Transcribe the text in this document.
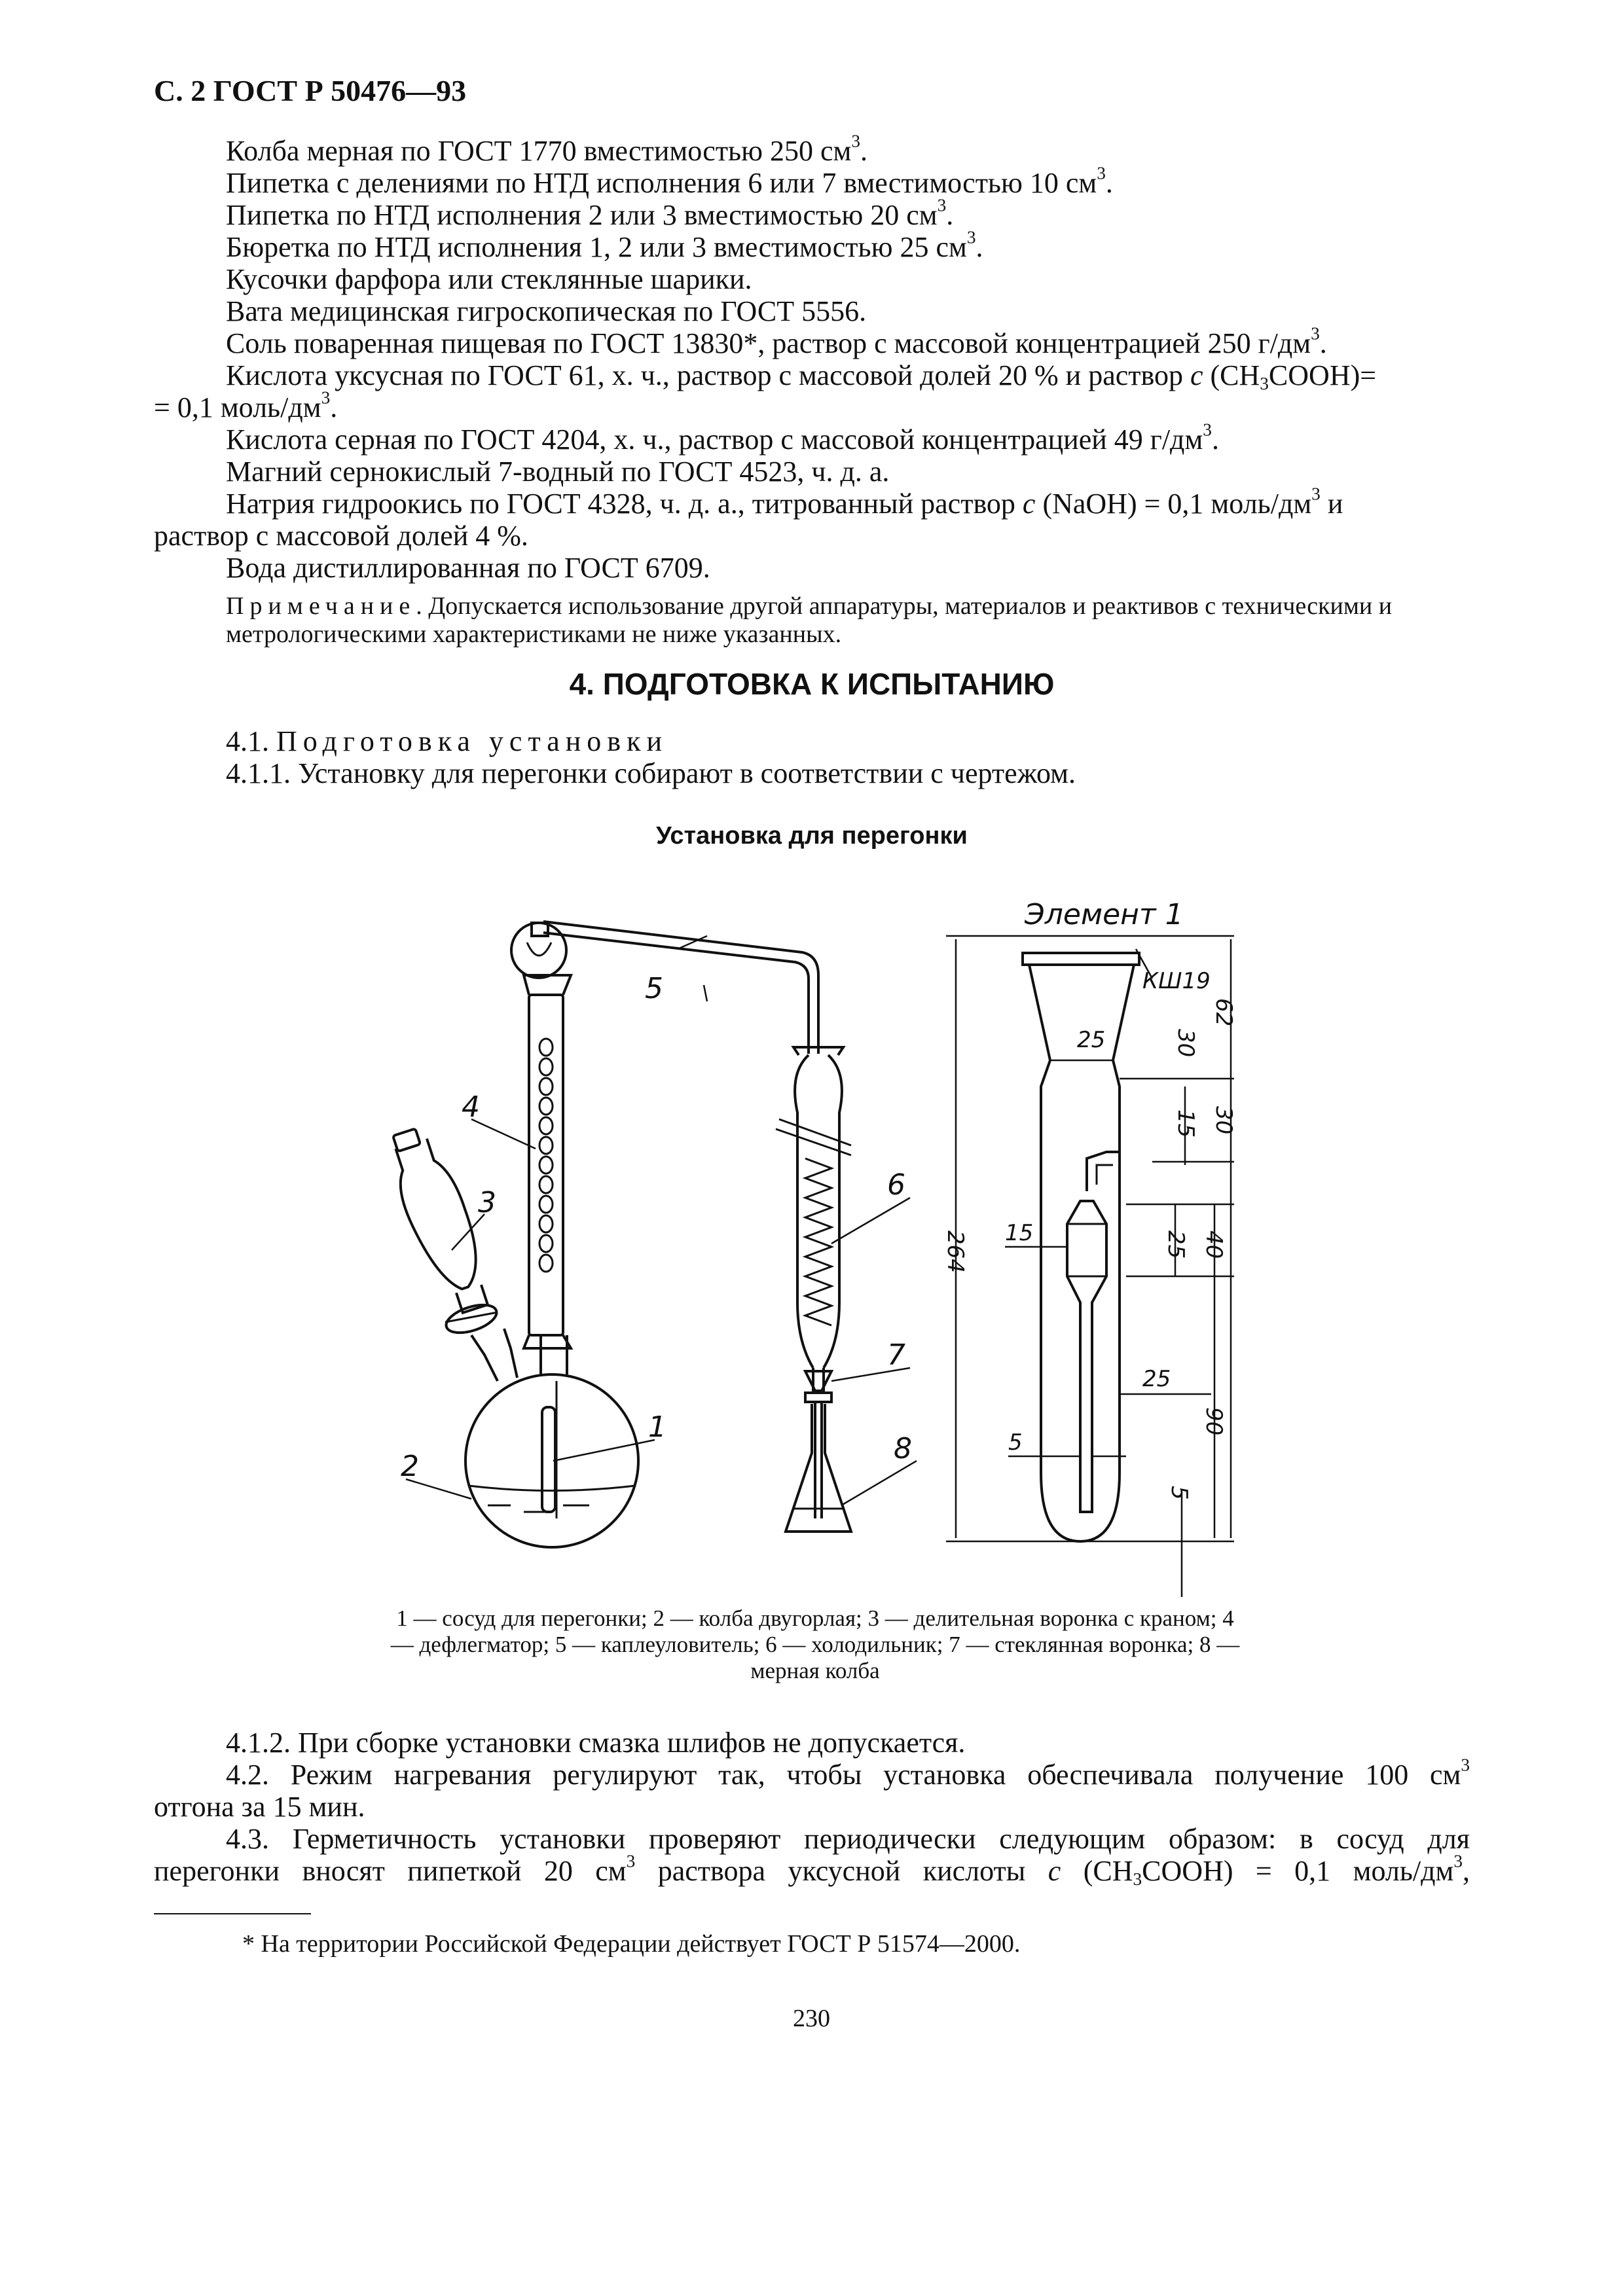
С. 2 ГОСТ Р 50476—93

Колба мерная по ГОСТ 1770 вместимостью 250 $см^3$.

Пипетка с делениями по НТД исполнения 6 или 7 вместимостью 10 $см^3$.

Пипетка по НТД исполнения 2 или 3 вместимостью 20 $см^3$.

Бюретка по НТД исполнения 1, 2 или 3 вместимостью 25 $см^3$.

Кусочки фарфора или стеклянные шарики.

Вата медицинская гигроскопическая по ГОСТ 5556.

Соль поваренная пищевая по ГОСТ 13830*, раствор с массовой концентрацией 250 $г/дм^3$.

Кислота уксусная по ГОСТ 61, х. ч., раствор с массовой долей 20 % и раствор c $(CH_3COOH)=$

= 0,1 моль/$дм^3$.

Кислота серная по ГОСТ 4204, х. ч., раствор с массовой концентрацией 49 $г/дм^3$.

Магний сернокислый 7-водный по ГОСТ 4523, ч. д. а.

Натрия гидроокись по ГОСТ 4328, ч. д. а., титрованный раствор c (NaOH) = 0,1 моль/$дм^3$ и

раствор с массовой долей 4 %.

Вода дистиллированная по ГОСТ 6709.

Примечание. Допускается использование другой аппаратуры, материалов и реактивов с техническими и метрологическими характеристиками не ниже указанных.

4. ПОДГОТОВКА К ИСПЫТАНИЮ

4.1. Подготовка установки

4.1.1. Установку для перегонки собирают в соответствии с чертежом.

Установка для перегонки
4
3
5
6
7
8
1
2
Элемент 1
КШ19
25
15
25
5
264
62
30
30
15
25 40
90
5
1 — сосуд для перегонки; 2 — колба двугорлая; 3 — делительная воронка с краном; 4 — дефлегматор; 5 — каплеуловитель; 6 — холодильник; 7 — стеклянная воронка; 8 — мерная колба

4.1.2. При сборке установки смазка шлифов не допускается.

4.2. Режим нагревания регулируют так, чтобы установка обеспечивала получение 100 $см^3$

отгона за 15 мин.

4.3. Герметичность установки проверяют периодически следующим образом: в сосуд для

перегонки вносят пипеткой 20 $см^3$ раствора уксусной кислоты c $(CH_3COOH) = 0,1$ моль/$дм^3$,

* На территории Российской Федерации действует ГОСТ Р 51574—2000.
230
